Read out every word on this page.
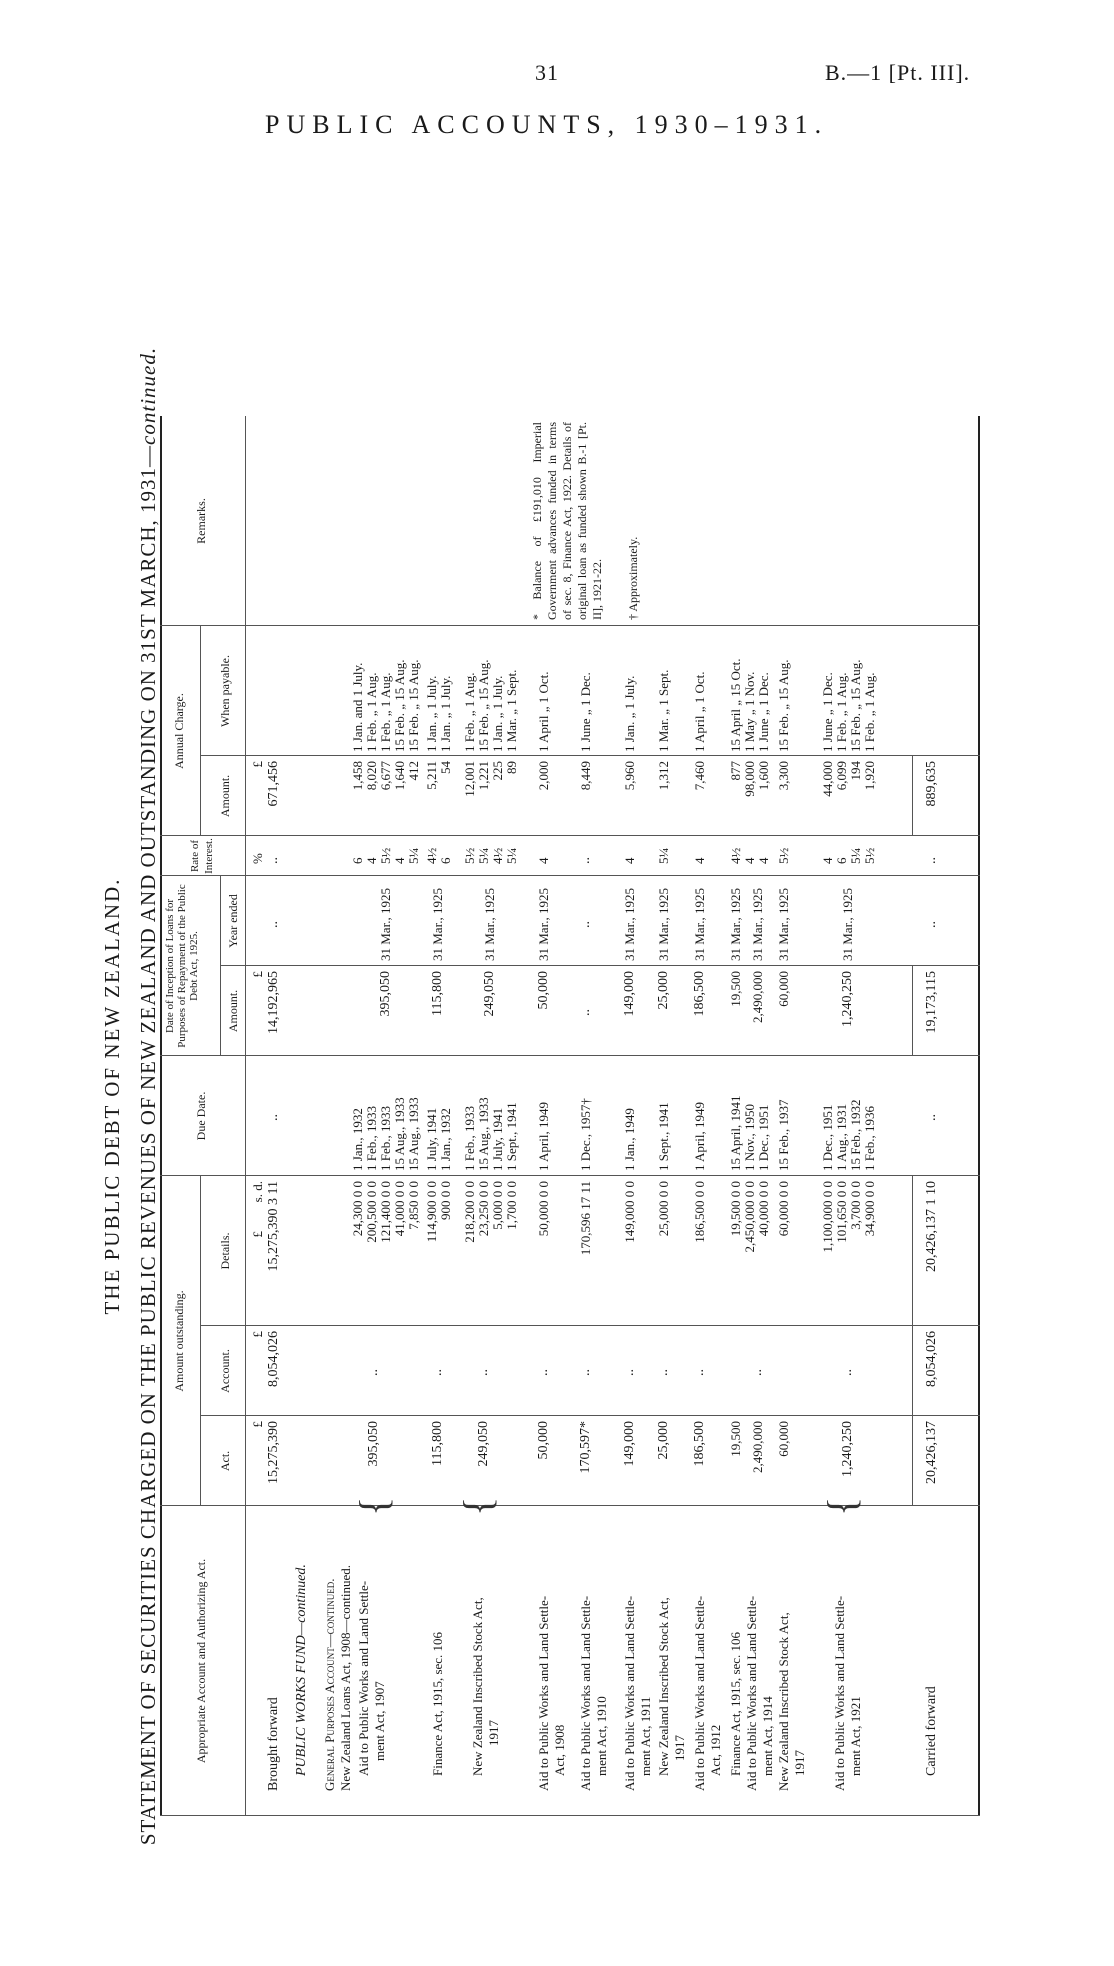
31	B.—1 [Pt. III].
PUBLIC ACCOUNTS, 1930–1931.
THE PUBLIC DEBT OF NEW ZEALAND. STATEMENT OF SECURITIES CHARGED ON THE PUBLIC REVENUES OF NEW ZEALAND AND OUTSTANDING ON 31ST MARCH, 1931—continued.
Appropriate Account and Authorizing Act.
Amount outstanding.
Act.
Account.
Details.
Due Date.
Date of Inception of Loans for Purposes of Repayment of the Public Debt Act, 1925.
Amount.
Year ended
Rate of Interest.
Annual Charge.
Amount.
When payable.
Remarks.
£
£
£
s. d.
£
%
£
Brought forward
15,275,390
8,054,026
15,275,390 3 11
..
14,192,965
..
..
671,456
PUBLIC WORKS FUND—continued. General Purposes Account—continued. New Zealand Loans Act, 1908—continued. Aid to Public Works and Land Settle- ment Act, 1907
{
395,050
..
24,300 0 0 200,500 0 0 121,400 0 0 41,000 0 0 7,850 0 0
1 Jan., 1932 1 Feb., 1933 1 Feb., 1933 15 Aug., 1933 15 Aug., 1933
395,050
31 Mar., 1925
6 4 5½ 4 5¼
1,458 8,020 6,677 1,640 412
1 Jan. and 1 July. 1 Feb. „ 1 Aug. 1 Feb. „ 1 Aug. 15 Feb. „ 15 Aug. 15 Feb. „ 15 Aug.
Finance Act, 1915, sec. 106
115,800
..
114,900 0 0 900 0 0
1 July, 1941 1 Jan., 1932
115,800
31 Mar., 1925
4½ 6
5,211 54
1 Jan. „ 1 July. 1 Jan. „ 1 July.
New Zealand Inscribed Stock Act, 1917
{
249,050
..
218,200 0 0 23,250 0 0 5,000 0 0 1,700 0 0
1 Feb., 1933 15 Aug., 1933 1 July, 1941 1 Sept., 1941
249,050
31 Mar., 1925
5½ 5¼ 4½ 5¼
12,001 1,221 225 89
1 Feb. „ 1 Aug. 15 Feb. „ 15 Aug. 1 Jan. „ 1 July. 1 Mar. „ 1 Sept.
Aid to Public Works and Land Settle- Act, 1908
50,000
..
50,000 0 0
1 April, 1949
50,000
31 Mar., 1925
4
2,000
1 April „ 1 Oct.
Aid to Public Works and Land Settle- ment Act, 1910
170,597*
..
170,596 17 11
1 Dec., 1957†
..
..
..
8,449
1 June „ 1 Dec.
Aid to Public Works and Land Settle- ment Act, 1911
149,000
..
149,000 0 0
1 Jan., 1949
149,000
31 Mar., 1925
4
5,960
1 Jan. „ 1 July.
New Zealand Inscribed Stock Act, 1917
25,000
..
25,000 0 0
1 Sept., 1941
25,000
31 Mar., 1925
5¼
1,312
1 Mar. „ 1 Sept.
Aid to Public Works and Land Settle- Act, 1912
186,500
..
186,500 0 0
1 April, 1949
186,500
31 Mar., 1925
4
7,460
1 April „ 1 Oct.
Finance Act, 1915, sec. 106 Aid to Public Works and Land Settle- ment Act, 1914 New Zealand Inscribed Stock Act, 1917
19,500 2,490,000 60,000
..
19,500 0 0 2,450,000 0 0 40,000 0 0 60,000 0 0
15 April, 1941 1 Nov., 1950 1 Dec., 1951 15 Feb., 1937
19,500 2,490,000 60,000
31 Mar., 1925 31 Mar., 1925 31 Mar., 1925
4½ 4 4 5½
877 98,000 1,600 3,300
15 April „ 15 Oct. 1 May „ 1 Nov. 1 June „ 1 Dec. 15 Feb. „ 15 Aug.
Aid to Public Works and Land Settle- ment Act, 1921
{
1,240,250
..
1,100,000 0 0 101,650 0 0 3,700 0 0 34,900 0 0
1 Dec., 1951 1 Aug., 1931 15 Feb., 1932 1 Feb., 1936
1,240,250
31 Mar., 1925
4 6 5¼ 5½
44,000 6,099 194 1,920
1 June „ 1 Dec. 1 Feb. „ 1 Aug. 15 Feb. „ 15 Aug. 1 Feb. „ 1 Aug.
Carried forward
20,426,137
8,054,026
20,426,137 1 10
..
19,173,115
..
..
889,635
* Balance of £191,010 Imperial Government advances funded in terms of sec. 8, Finance Act, 1922. Details of original loan as funded shown B.-1 [Pt. II], 1921-22. † Approximately.
